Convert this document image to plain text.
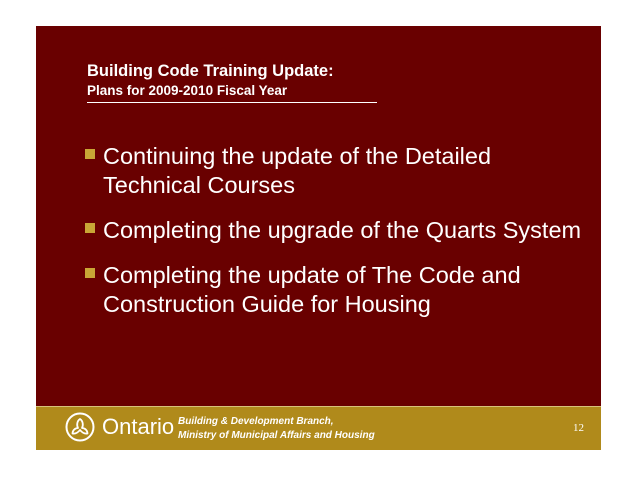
Building Code Training Update:
Plans for 2009-2010 Fiscal Year
Continuing the update of the Detailed Technical Courses
Completing the upgrade of the Quarts System
Completing the update of The Code and Construction Guide for Housing
Ontario Building & Development Branch,
Ministry of Municipal Affairs and Housing
12
